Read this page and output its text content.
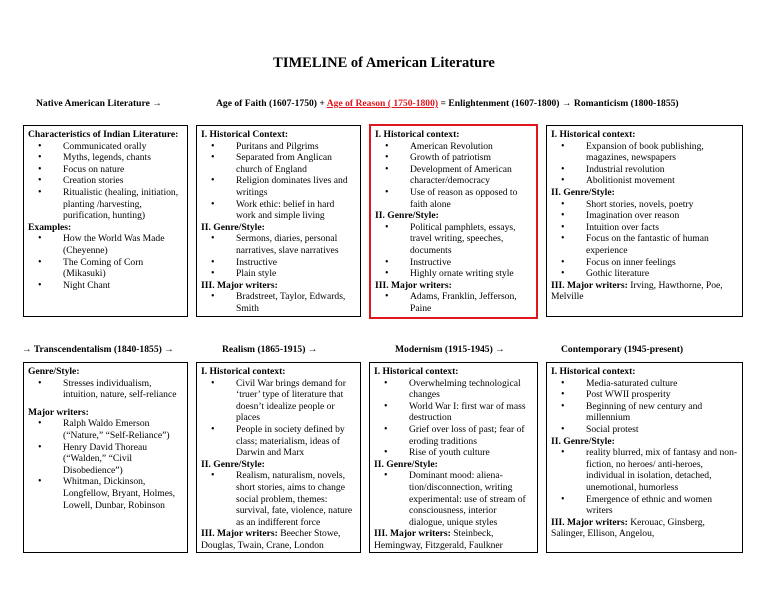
TIMELINE of American Literature
Native American Literature →	Age of Faith (1607-1750) + Age of Reason ( 1750-1800) = Enlightenment (1607-1800) → Romanticism (1800-1855)
Characteristics of Indian Literature:
• Communicated orally
• Myths, legends, chants
• Focus on nature
• Creation stories
• Ritualistic (healing, initiation, planting /harvesting, purification, hunting)
Examples:
• How the World Was Made (Cheyenne)
• The Coming of Corn (Mikasuki)
• Night Chant
I. Historical Context:
• Puritans and Pilgrims
• Separated from Anglican church of England
• Religion dominates lives and writings
• Work ethic: belief in hard work and simple living
II. Genre/Style:
• Sermons, diaries, personal narratives, slave narratives
• Instructive
• Plain style
III. Major writers:
• Bradstreet, Taylor, Edwards, Smith
I. Historical context:
• American Revolution
• Growth of patriotism
• Development of American character/democracy
• Use of reason as opposed to faith alone
II. Genre/Style:
• Political pamphlets, essays, travel writing, speeches, documents
• Instructive
• Highly ornate writing style
III. Major writers:
• Adams, Franklin, Jefferson, Paine
I. Historical context:
• Expansion of book publishing, magazines, newspapers
• Industrial revolution
• Abolitionist movement
II. Genre/Style:
• Short stories, novels, poetry
• Imagination over reason
• Intuition over facts
• Focus on the fantastic of human experience
• Focus on inner feelings
• Gothic literature
III. Major writers: Irving, Hawthorne, Poe, Melville
→ Transcendentalism (1840-1855) →	Realism (1865-1915) →	Modernism (1915-1945) →	Contemporary (1945-present)
Genre/Style:
• Stresses individualism, intuition, nature, self-reliance
Major writers:
• Ralph Waldo Emerson (“Nature,” “Self-Reliance”)
• Henry David Thoreau (“Walden,” “Civil Disobedience”)
• Whitman, Dickinson, Longfellow, Bryant, Holmes, Lowell, Dunbar, Robinson
I. Historical context:
• Civil War brings demand for ‘truer’ type of literature that doesn’t idealize people or places
• People in society defined by class; materialism, ideas of Darwin and Marx
II. Genre/Style:
• Realism, naturalism, novels, short stories, aims to change social problem, themes: survival, fate, violence, nature as an indifferent force
III. Major writers: Beecher Stowe, Douglas, Twain, Crane, London
I. Historical context:
• Overwhelming technological changes
• World War I: first war of mass destruction
• Grief over loss of past; fear of eroding traditions
• Rise of youth culture
II. Genre/Style:
• Dominant mood: aliena-tion/disconnection, writing experimental: use of stream of consciousness, interior dialogue, unique styles
III. Major writers: Steinbeck, Hemingway, Fitzgerald, Faulkner
I. Historical context:
• Media-saturated culture
• Post WWII prosperity
• Beginning of new century and millennium
• Social protest
II. Genre/Style:
• reality blurred, mix of fantasy and non-fiction, no heroes/ anti-heroes, individual in isolation, detached, unemotional, humorless
• Emergence of ethnic and women writers
III. Major writers: Kerouac, Ginsberg, Salinger, Ellison, Angelou,
